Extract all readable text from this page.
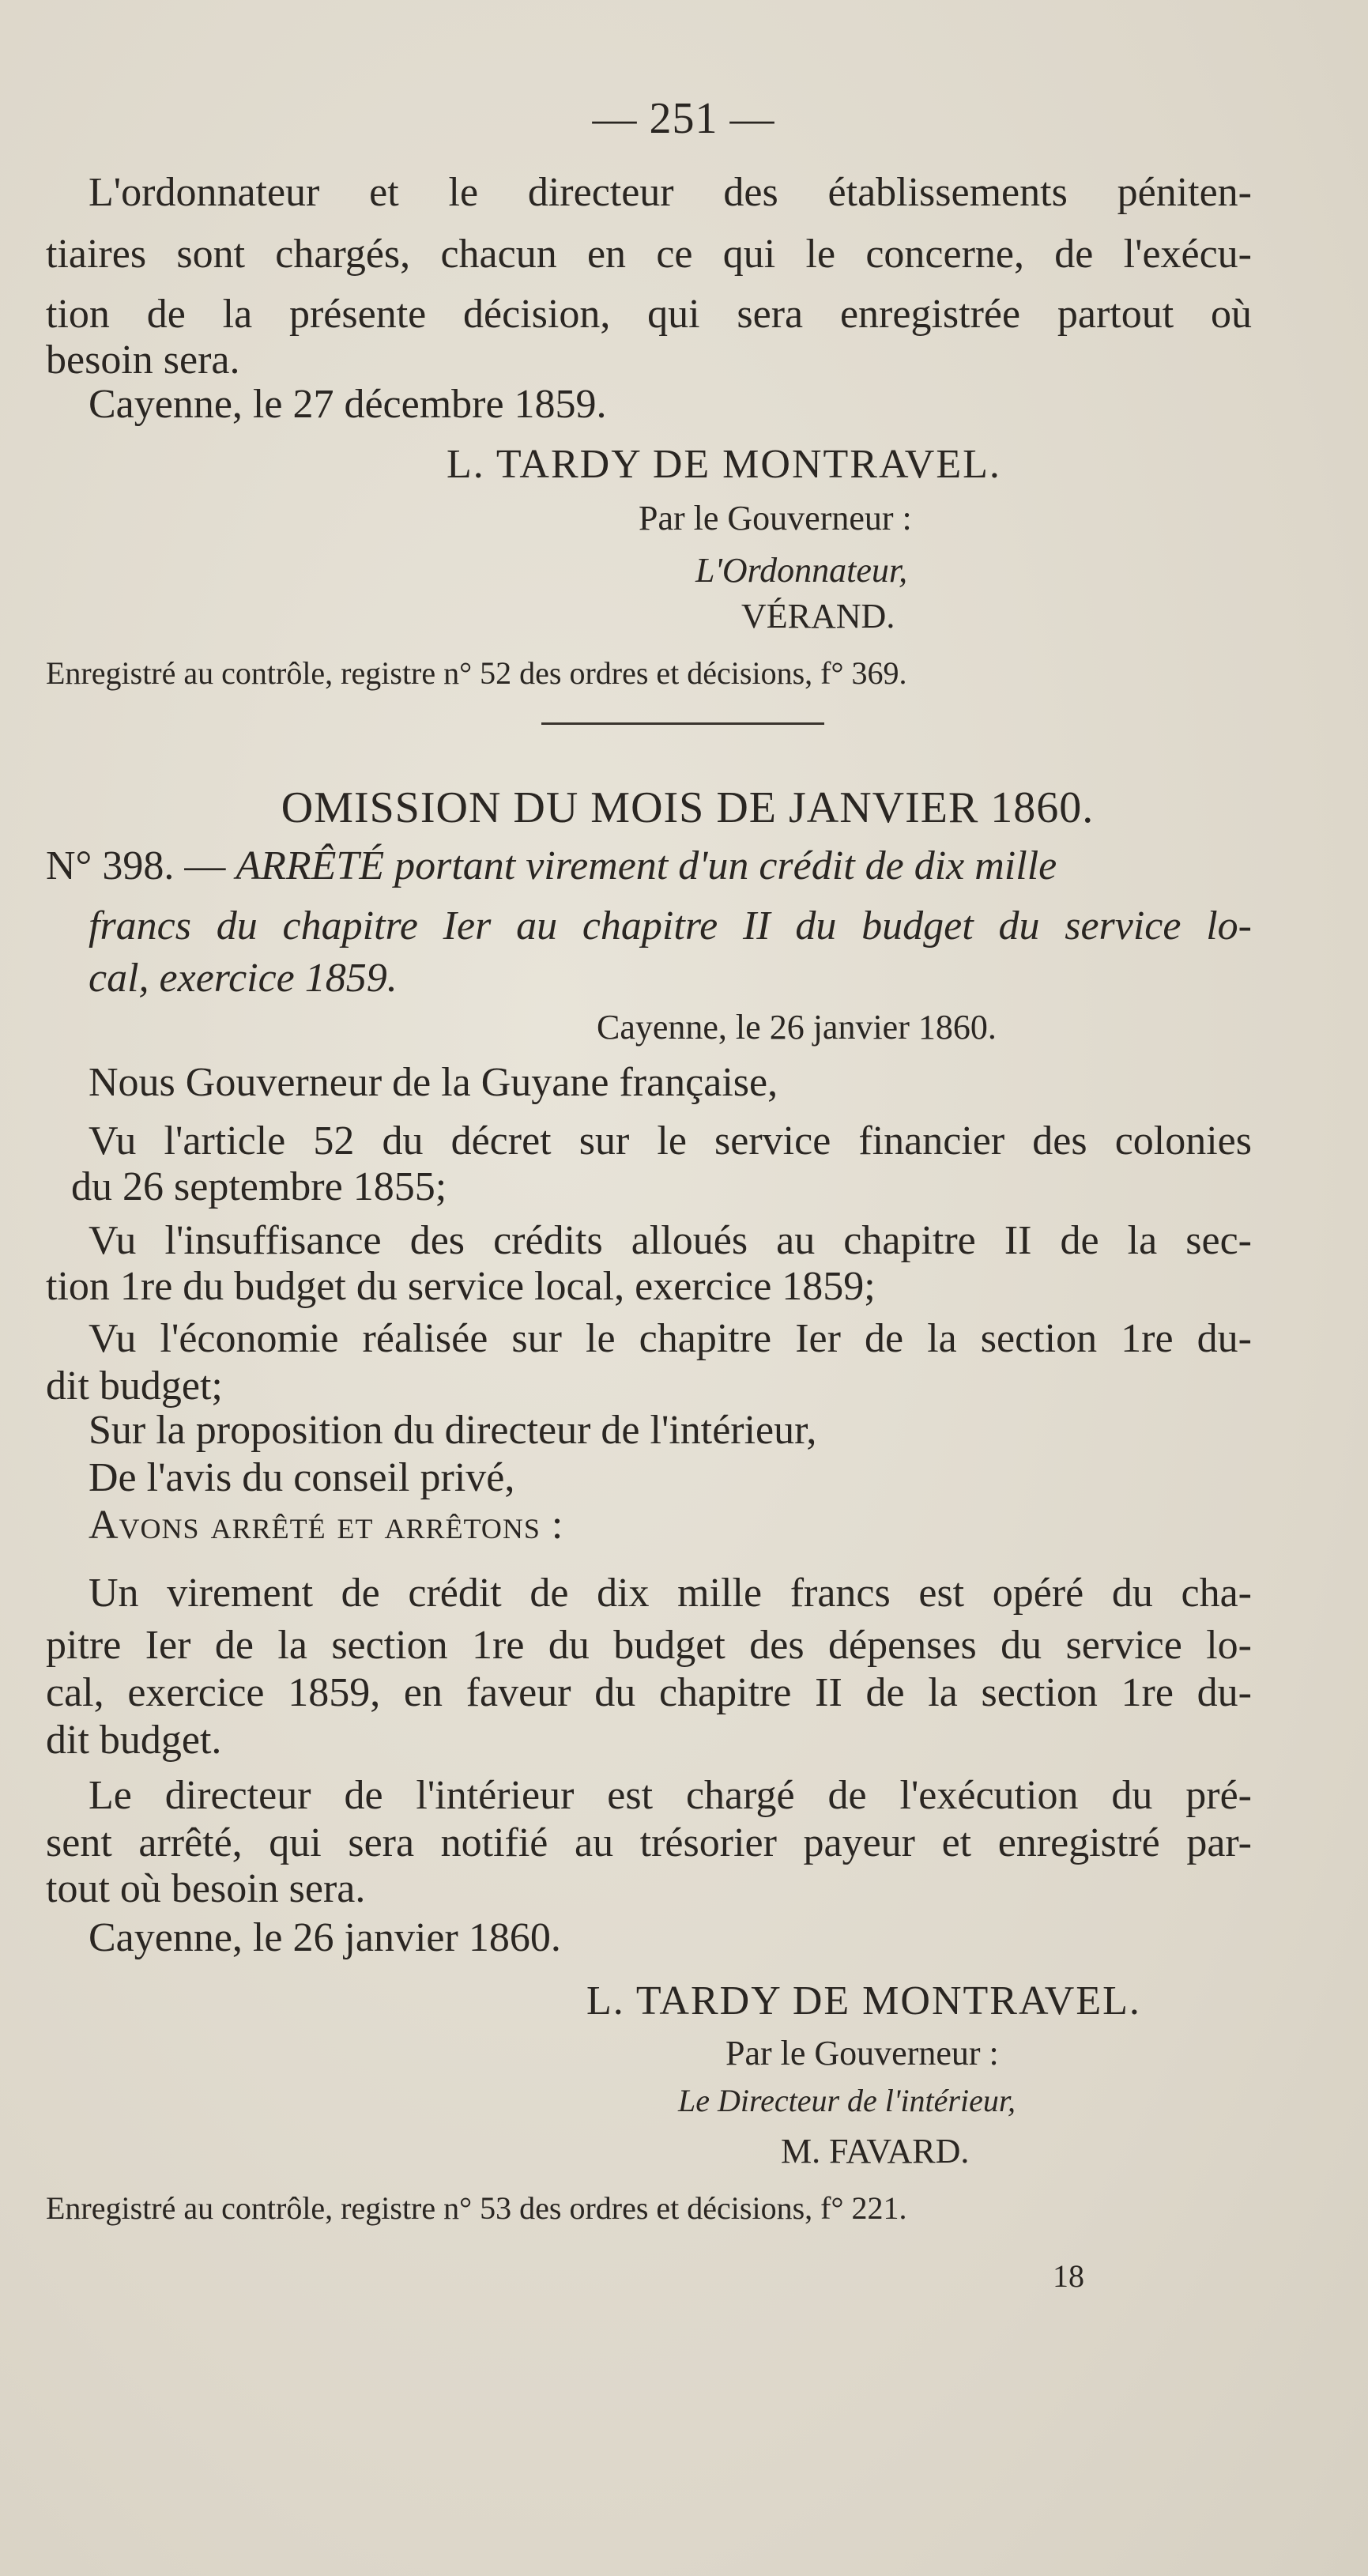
— 251 —
L'ordonnateur et le directeur des établissements péniten-
tiaires sont chargés, chacun en ce qui le concerne, de l'exécu-
tion de la présente décision, qui sera enregistrée partout où
besoin sera.
Cayenne, le 27 décembre 1859.
L. TARDY DE MONTRAVEL.
Par le Gouverneur :
L'Ordonnateur,
VÉRAND.
Enregistré au contrôle, registre n° 52 des ordres et décisions, f° 369.
OMISSION DU MOIS DE JANVIER 1860.
N° 398. — ARRÊTÉ portant virement d'un crédit de dix mille
francs du chapitre Ier au chapitre II du budget du service lo-
cal, exercice 1859.
Cayenne, le 26 janvier 1860.
Nous Gouverneur de la Guyane française,
Vu l'article 52 du décret sur le service financier des colonies
du 26 septembre 1855;
Vu l'insuffisance des crédits alloués au chapitre II de la sec-
tion 1re du budget du service local, exercice 1859;
Vu l'économie réalisée sur le chapitre Ier de la section 1re du-
dit budget;
Sur la proposition du directeur de l'intérieur,
De l'avis du conseil privé,
Avons arrêté et arrêtons :
Un virement de crédit de dix mille francs est opéré du cha-
pitre Ier de la section 1re du budget des dépenses du service lo-
cal, exercice 1859, en faveur du chapitre II de la section 1re du-
dit budget.
Le directeur de l'intérieur est chargé de l'exécution du pré-
sent arrêté, qui sera notifié au trésorier payeur et enregistré par-
tout où besoin sera.
Cayenne, le 26 janvier 1860.
L. TARDY DE MONTRAVEL.
Par le Gouverneur :
Le Directeur de l'intérieur,
M. FAVARD.
Enregistré au contrôle, registre n° 53 des ordres et décisions, f° 221.
18
